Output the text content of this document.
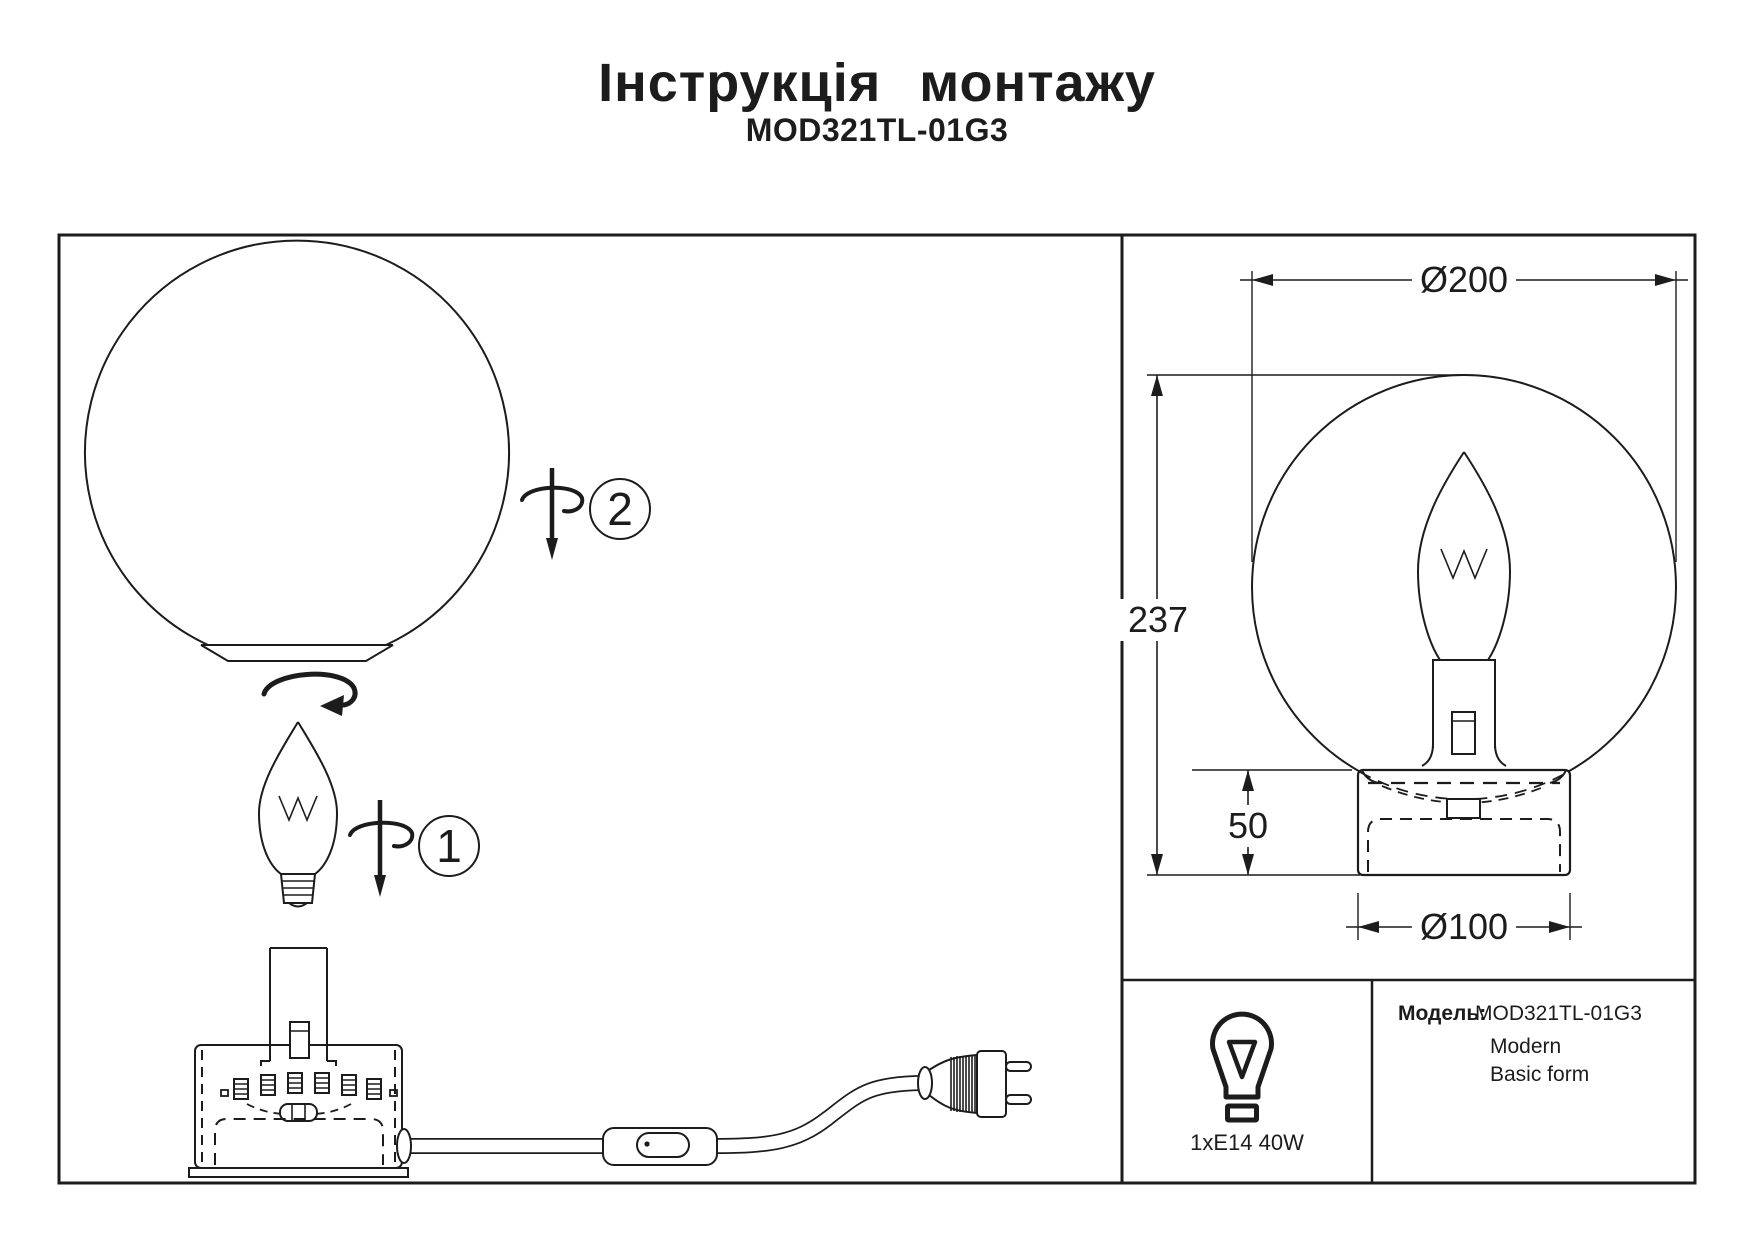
Інструкція монтажу
MOD321TL-01G3
2
1
Ø200
237
50
Ø100
1xE14 40W
Модель:
MOD321TL-01G3
Modern
Basic form
